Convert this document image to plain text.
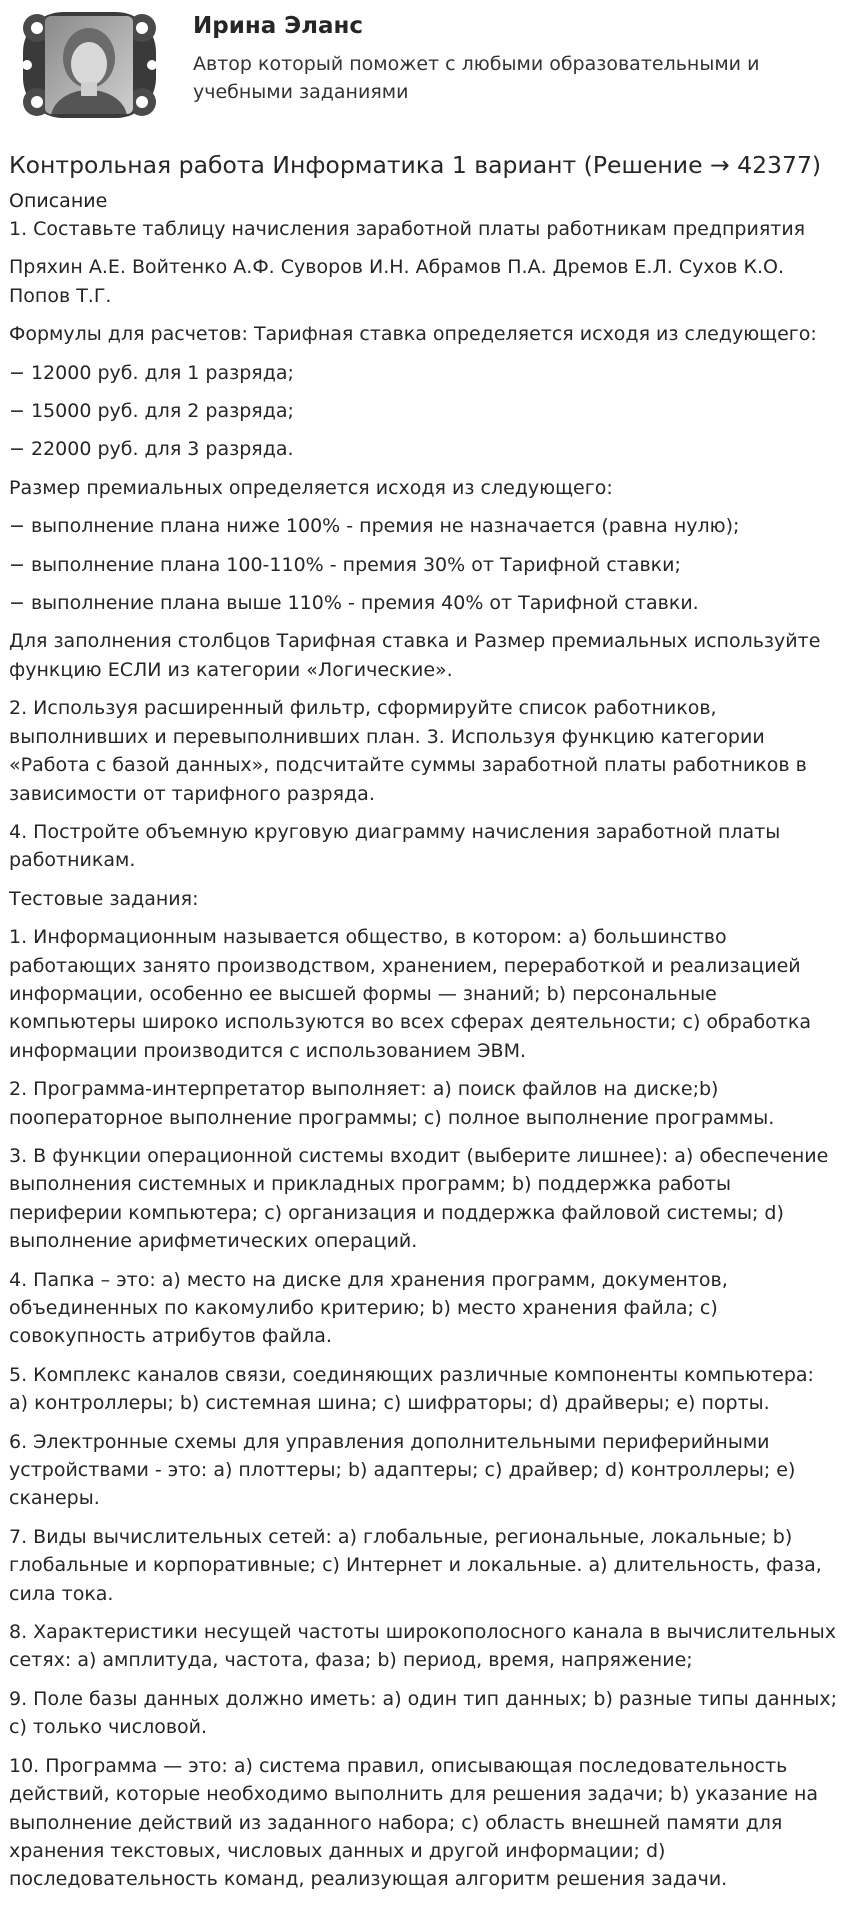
Ирина Эланс
Автор который поможет с любыми образовательными и учебными заданиями
Контрольная работа Информатика 1 вариант (Решение → 42377)
Описание

1. Составьте таблицу начисления заработной платы работникам предприятия

Пряхин А.Е. Войтенко А.Ф. Суворов И.Н. Абрамов П.А. Дремов Е.Л. Сухов К.О. Попов Т.Г.

Формулы для расчетов: Тарифная ставка определяется исходя из следующего:

− 12000 руб. для 1 разряда;

− 15000 руб. для 2 разряда;

− 22000 руб. для 3 разряда.

Размер премиальных определяется исходя из следующего:

− выполнение плана ниже 100% - премия не назначается (равна нулю);

− выполнение плана 100-110% - премия 30% от Тарифной ставки;

− выполнение плана выше 110% - премия 40% от Тарифной ставки.

Для заполнения столбцов Тарифная ставка и Размер премиальных используйте функцию ЕСЛИ из категории «Логические».

2. Используя расширенный фильтр, сформируйте список работников, выполнивших и перевыполнивших план. 3. Используя функцию категории «Работа с базой данных», подсчитайте суммы заработной платы работников в зависимости от тарифного разряда.

4. Постройте объемную круговую диаграмму начисления заработной платы работникам.

Тестовые задания:

1. Информационным называется общество, в котором: a) большинство работающих занято производством, хранением, переработкой и реализацией информации, особенно ее высшей формы — знаний; b) персональные компьютеры широко используются во всех сферах деятельности; c) обработка информации производится с использованием ЭВМ.

2. Программа-интерпретатор выполняет: a) поиск файлов на диске;b) пооператорное выполнение программы; c) полное выполнение программы.

3. В функции операционной системы входит (выберите лишнее): a) обеспечение выполнения системных и прикладных программ; b) поддержка работы периферии компьютера; c) организация и поддержка файловой системы; d) выполнение арифметических операций.

4. Папка – это: a) место на диске для хранения программ, документов, объединенных по какомулибо критерию; b) место хранения файла; c) совокупность атрибутов файла.

5. Комплекс каналов связи, соединяющих различные компоненты компьютера: a) контроллеры; b) системная шина; c) шифраторы; d) драйверы; e) порты.

6. Электронные схемы для управления дополнительными периферийными устройствами - это: a) плоттеры; b) адаптеры; c) драйвер; d) контроллеры; e) сканеры.

7. Виды вычислительных сетей: a) глобальные, региональные, локальные; b) глобальные и корпоративные; c) Интернет и локальные. a) длительность, фаза, сила тока.

8. Характеристики несущей частоты широкополосного канала в вычислительных сетях: a) амплитуда, частота, фаза; b) период, время, напряжение;

9. Поле базы данных должно иметь: a) один тип данных; b) разные типы данных; c) только числовой.

10. Программа — это: a) система правил, описывающая последовательность действий, которые необходимо выполнить для решения задачи; b) указание на выполнение действий из заданного набора; c) область внешней памяти для хранения текстовых, числовых данных и другой информации; d) последовательность команд, реализующая алгоритм решения задачи.
